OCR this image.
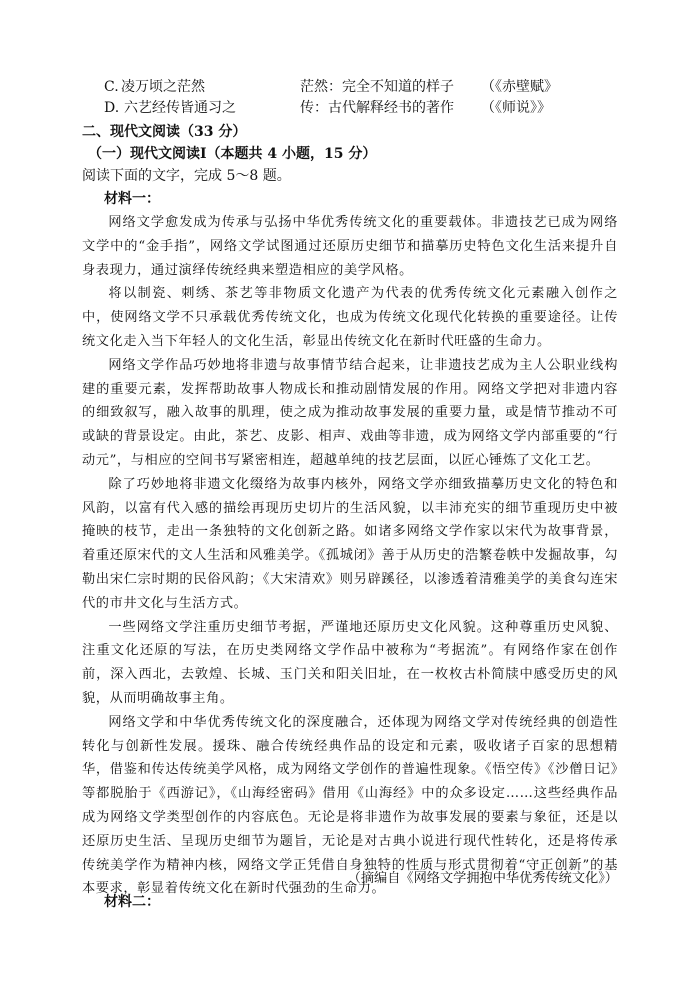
C. 凌万顷之茫然	茫然：完全不知道的样子 （《赤壁赋》
D. 六艺经传皆通习之	传：古代解释经书的著作 （《师说》》
二、现代文阅读（33 分）
（一）现代文阅读Ⅰ（本题共 4 小题，15 分）
阅读下面的文字，完成 5～8 题。
材料一：

网络文学愈发成为传承与弘扬中华优秀传统文化的重要载体。非遗技艺已成为网络文学中的“金手指”，网络文学试图通过还原历史细节和描摹历史特色文化生活来提升自身表现力，通过演绎传统经典来塑造相应的美学风格。

将以制瓷、刺绣、茶艺等非物质文化遗产为代表的优秀传统文化元素融入创作之中，使网络文学不只承载优秀传统文化，也成为传统文化现代化转换的重要途径。让传统文化走入当下年轻人的文化生活，彰显出传统文化在新时代旺盛的生命力。

网络文学作品巧妙地将非遗与故事情节结合起来，让非遗技艺成为主人公职业线构建的重要元素，发挥帮助故事人物成长和推动剧情发展的作用。网络文学把对非遗内容的细致叙写，融入故事的肌理，使之成为推动故事发展的重要力量，或是情节推动不可或缺的背景设定。由此，茶艺、皮影、相声、戏曲等非遗，成为网络文学内部重要的“行动元”，与相应的空间书写紧密相连，超越单纯的技艺层面，以匠心锤炼了文化工艺。

除了巧妙地将非遗文化缀络为故事内核外，网络文学亦细致描摹历史文化的特色和风韵，以富有代入感的描绘再现历史切片的生活风貌，以丰沛充实的细节重现历史中被掩映的枝节，走出一条独特的文化创新之路。如诸多网络文学作家以宋代为故事背景，着重还原宋代的文人生活和风雅美学。《孤城闭》善于从历史的浩繁卷帙中发掘故事，勾勒出宋仁宗时期的民俗风韵；《大宋清欢》则另辟蹊径，以渗透着清雅美学的美食勾连宋代的市井文化与生活方式。

一些网络文学注重历史细节考据，严谨地还原历史文化风貌。这种尊重历史风貌、注重文化还原的写法，在历史类网络文学作品中被称为“考据流”。有网络作家在创作前，深入西北，去敦煌、长城、玉门关和阳关旧址，在一枚枚古朴简牍中感受历史的风貌，从而明确故事主角。

网络文学和中华优秀传统文化的深度融合，还体现为网络文学对传统经典的创造性转化与创新性发展。援珠、融合传统经典作品的设定和元素，吸收诸子百家的思想精华，借鉴和传达传统美学风格，成为网络文学创作的普遍性现象。《悟空传》《沙僧日记》等都脱胎于《西游记》，《山海经密码》借用《山海经》中的众多设定……这些经典作品成为网络文学类型创作的内容底色。无论是将非遗作为故事发展的要素与象征，还是以还原历史生活、呈现历史细节为题旨，无论是对古典小说进行现代性转化，还是将传承传统美学作为精神内核，网络文学正凭借自身独特的性质与形式贯彻着“守正创新”的基本要求，彰显着传统文化在新时代强劲的生命力。

（摘编自《网络文学拥抱中华优秀传统文化》）
材料二：
